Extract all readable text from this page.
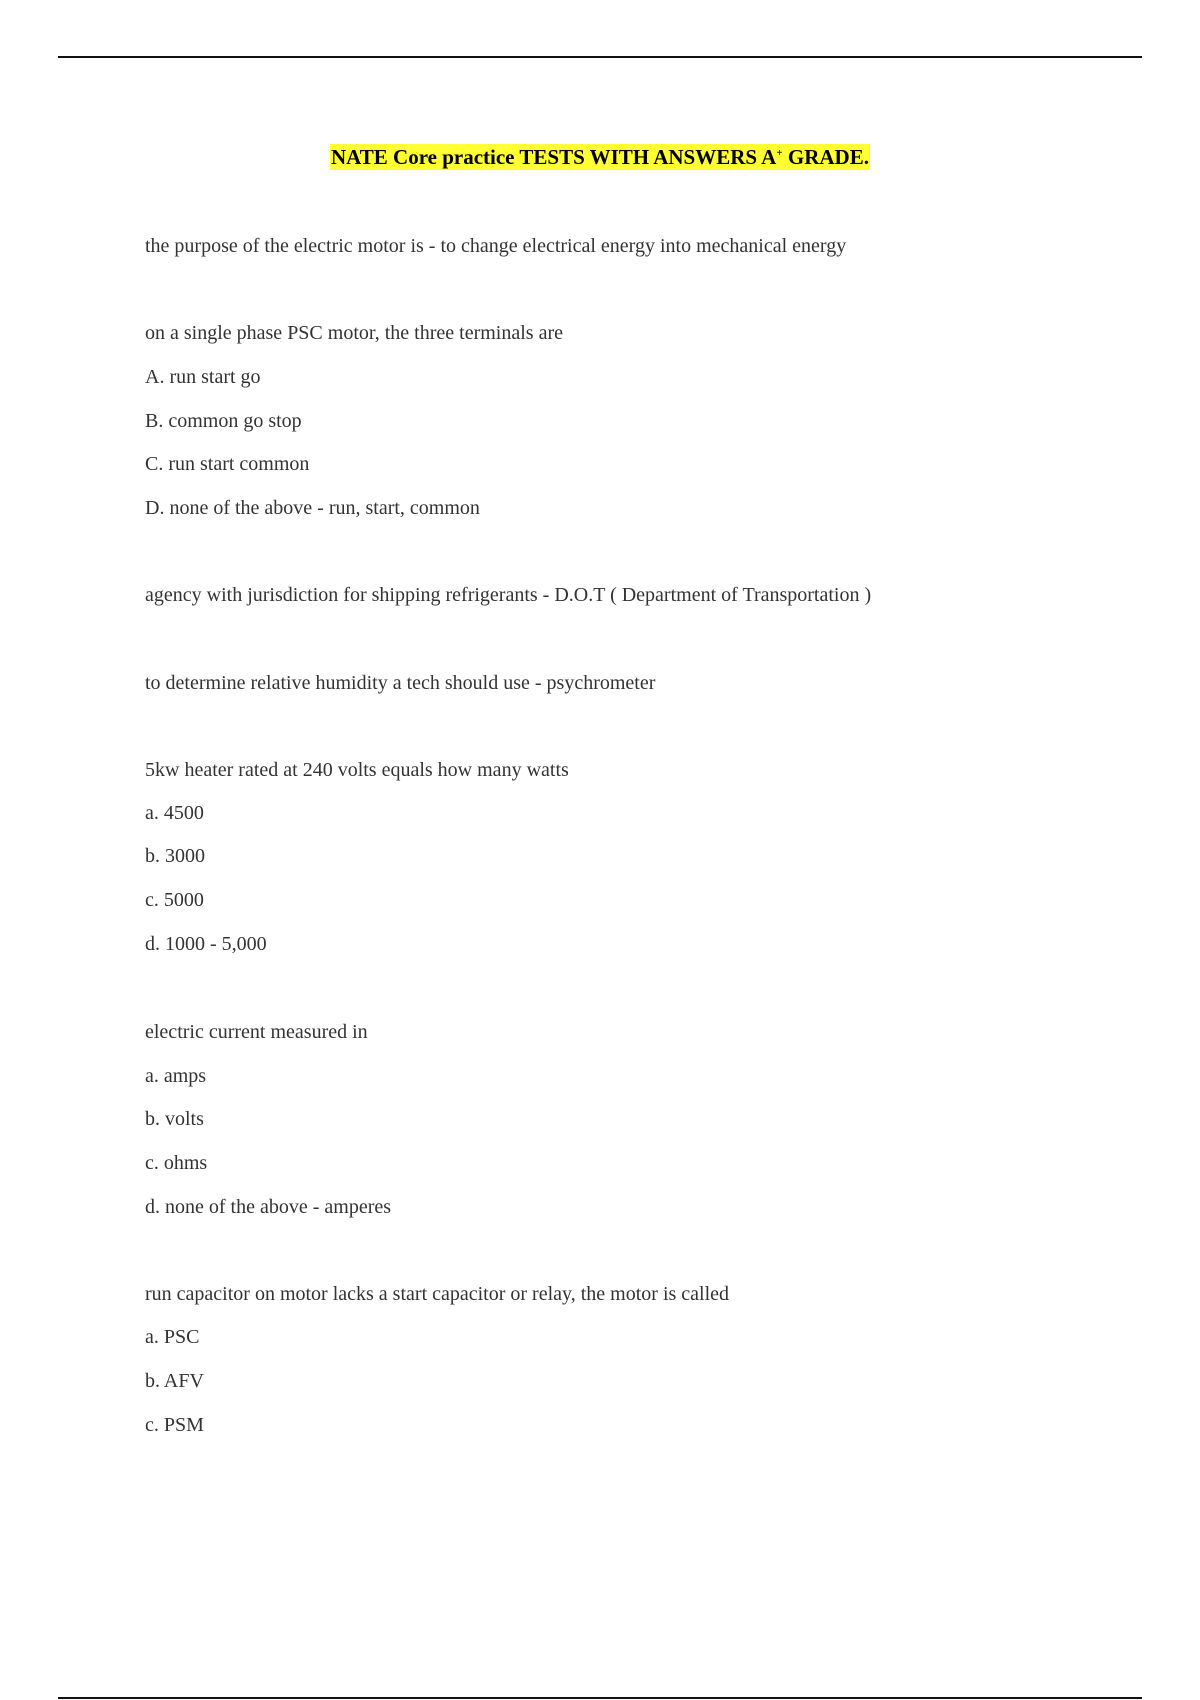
NATE Core practice TESTS WITH ANSWERS A+ GRADE.
the purpose of the electric motor is - to change electrical energy into mechanical energy
on a single phase PSC motor, the three terminals are
A. run start go
B. common go stop
C. run start common
D. none of the above - run, start, common
agency with jurisdiction for shipping refrigerants - D.O.T ( Department of Transportation )
to determine relative humidity a tech should use - psychrometer
5kw heater rated at 240 volts equals how many watts
a. 4500
b. 3000
c. 5000
d. 1000 - 5,000
electric current measured in
a. amps
b. volts
c. ohms
d. none of the above - amperes
run capacitor on motor lacks a start capacitor or relay, the motor is called
a. PSC
b. AFV
c. PSM
